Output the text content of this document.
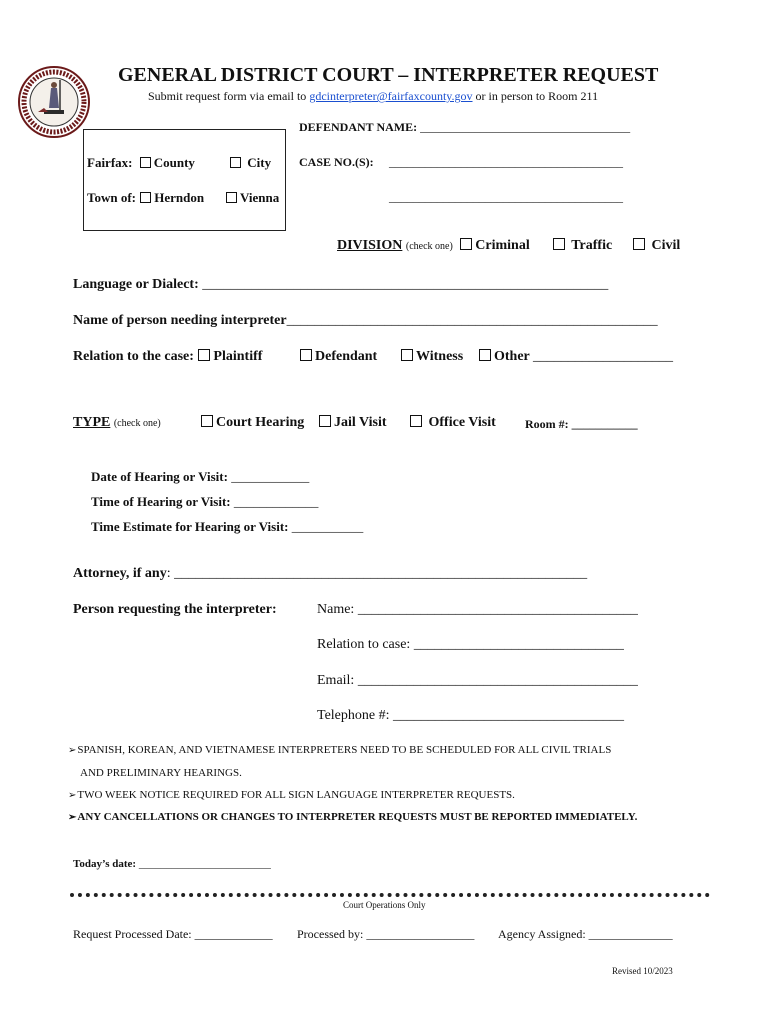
GENERAL DISTRICT COURT – INTERPRETER REQUEST
Submit request form via email to gdcinterpreter@fairfaxcounty.gov or in person to Room 211
Fairfax: County	City
Town of: Herndon	Vienna
DEFENDANT NAME: ___________________________________
CASE NO.(S): _______________________________________
_______________________________________
DIVISION (check one) Criminal	Traffic	Civil
Language or Dialect: __________________________________________________________
Name of person needing interpreter_____________________________________________________
Relation to the case: Plaintiff	Defendant	Witness	Other ____________________
TYPE (check one)	Court Hearing	Jail Visit	Office Visit Room #: ___________
Date of Hearing or Visit: ____________
Time of Hearing or Visit: _____________
Time Estimate for Hearing or Visit: ___________
Attorney, if any: ___________________________________________________________
Person requesting the interpreter:	Name: ________________________________________
Relation to case: ______________________________
Email: ________________________________________
Telephone #: _________________________________
➢SPANISH, KOREAN, AND VIETNAMESE INTERPRETERS NEED TO BE SCHEDULED FOR ALL CIVIL TRIALS
AND PRELIMINARY HEARINGS.
➢TWO WEEK NOTICE REQUIRED FOR ALL SIGN LANGUAGE INTERPRETER REQUESTS.
➢ANY CANCELLATIONS OR CHANGES TO INTERPRETER REQUESTS MUST BE REPORTED IMMEDIATELY.
Today’s date: ________________________
Court Operations Only
Request Processed Date: _____________ Processed by: __________________ Agency Assigned: ______________
Revised 10/2023
